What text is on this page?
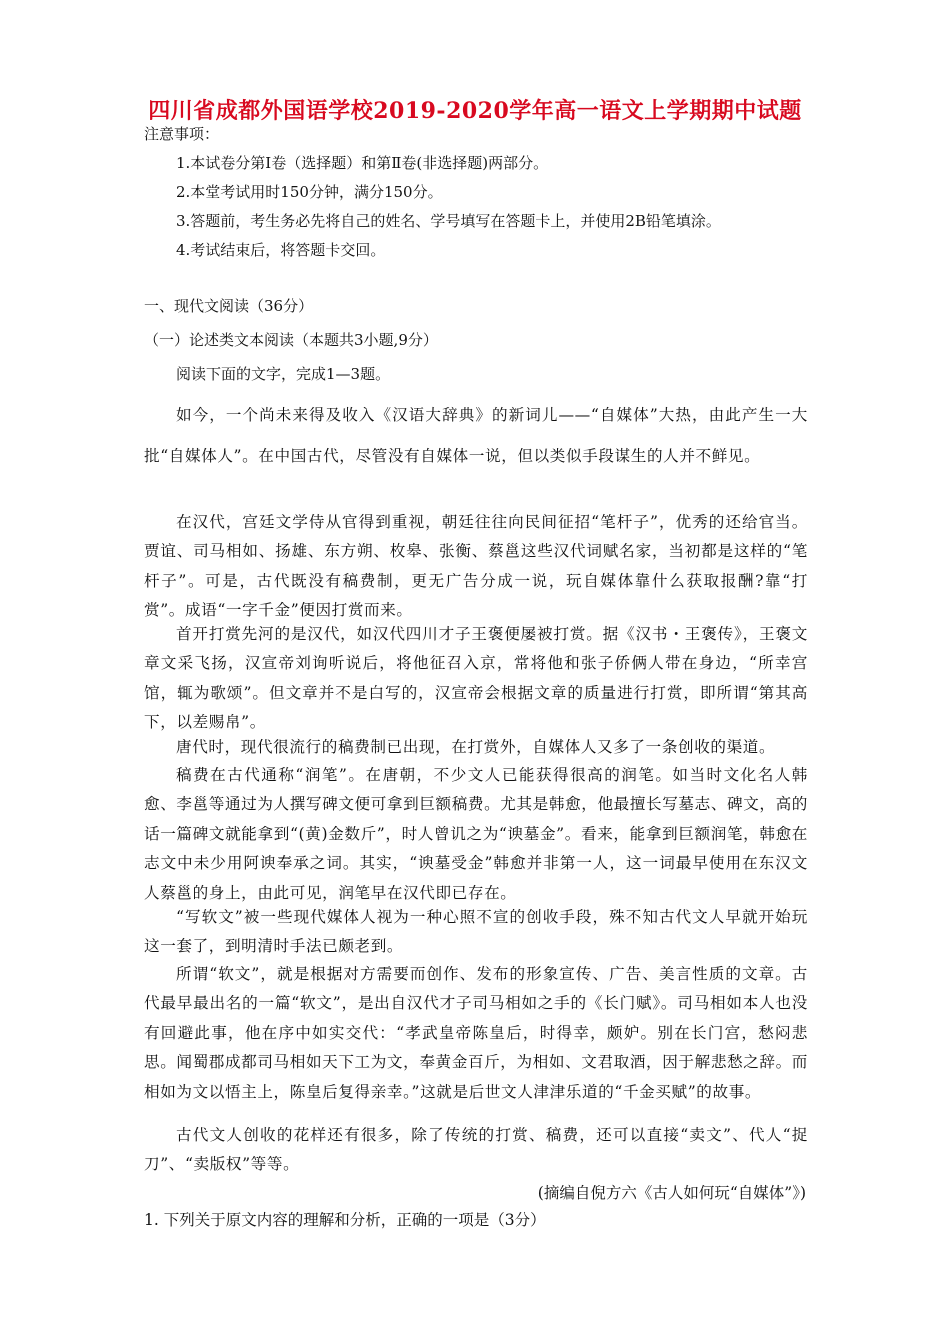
四川省成都外国语学校2019-2020学年高一语文上学期期中试题
注意事项：
1.本试卷分第Ⅰ卷（选择题）和第Ⅱ卷(非选择题)两部分。
2.本堂考试用时150分钟，满分150分。
3.答题前，考生务必先将自己的姓名、学号填写在答题卡上，并使用2B铅笔填涂。
4.考试结束后，将答题卡交回。
一、现代文阅读（36分）
（一）论述类文本阅读（本题共3小题,9分）
阅读下面的文字，完成1—3题。
如今，一个尚未来得及收入《汉语大辞典》的新词儿——“自媒体”大热，由此产生一大批“自媒体人”。在中国古代，尽管没有自媒体一说，但以类似手段谋生的人并不鲜见。
在汉代，宫廷文学侍从官得到重视，朝廷往往向民间征招“笔杆子”，优秀的还给官当。贾谊、司马相如、扬雄、东方朔、枚皋、张衡、蔡邕这些汉代词赋名家，当初都是这样的“笔杆子”。可是，古代既没有稿费制，更无广告分成一说，玩自媒体靠什么获取报酬?靠“打赏”。成语“一字千金”便因打赏而来。
首开打赏先河的是汉代，如汉代四川才子王褒便屡被打赏。据《汉书・王褒传》，王褒文章文采飞扬，汉宣帝刘询听说后，将他征召入京，常将他和张子侨俩人带在身边，“所幸宫馆，辄为歌颂”。但文章并不是白写的，汉宣帝会根据文章的质量进行打赏，即所谓“第其高下，以差赐帛”。
唐代时，现代很流行的稿费制已出现，在打赏外，自媒体人又多了一条创收的渠道。
稿费在古代通称“润笔”。在唐朝，不少文人已能获得很高的润笔。如当时文化名人韩愈、李邕等通过为人撰写碑文便可拿到巨额稿费。尤其是韩愈，他最擅长写墓志、碑文，高的话一篇碑文就能拿到“(黄)金数斤”，时人曾讥之为“谀墓金”。看来，能拿到巨额润笔，韩愈在志文中未少用阿谀奉承之词。其实，“谀墓受金”韩愈并非第一人，这一词最早使用在东汉文人蔡邕的身上，由此可见，润笔早在汉代即已存在。
“写软文”被一些现代媒体人视为一种心照不宣的创收手段，殊不知古代文人早就开始玩这一套了，到明清时手法已颇老到。
所谓“软文”，就是根据对方需要而创作、发布的形象宣传、广告、美言性质的文章。古代最早最出名的一篇“软文”，是出自汉代才子司马相如之手的《长门赋》。司马相如本人也没有回避此事，他在序中如实交代：“孝武皇帝陈皇后，时得幸，颇妒。别在长门宫，愁闷悲思。闻蜀郡成都司马相如天下工为文，奉黄金百斤，为相如、文君取酒，因于解悲愁之辞。而相如为文以悟主上，陈皇后复得亲幸。”这就是后世文人津津乐道的“千金买赋”的故事。
古代文人创收的花样还有很多，除了传统的打赏、稿费，还可以直接“卖文”、代人“捉刀”、“卖版权”等等。
(摘编自倪方六《古人如何玩“自媒体”》)
1. 下列关于原文内容的理解和分析，正确的一项是（3分）
